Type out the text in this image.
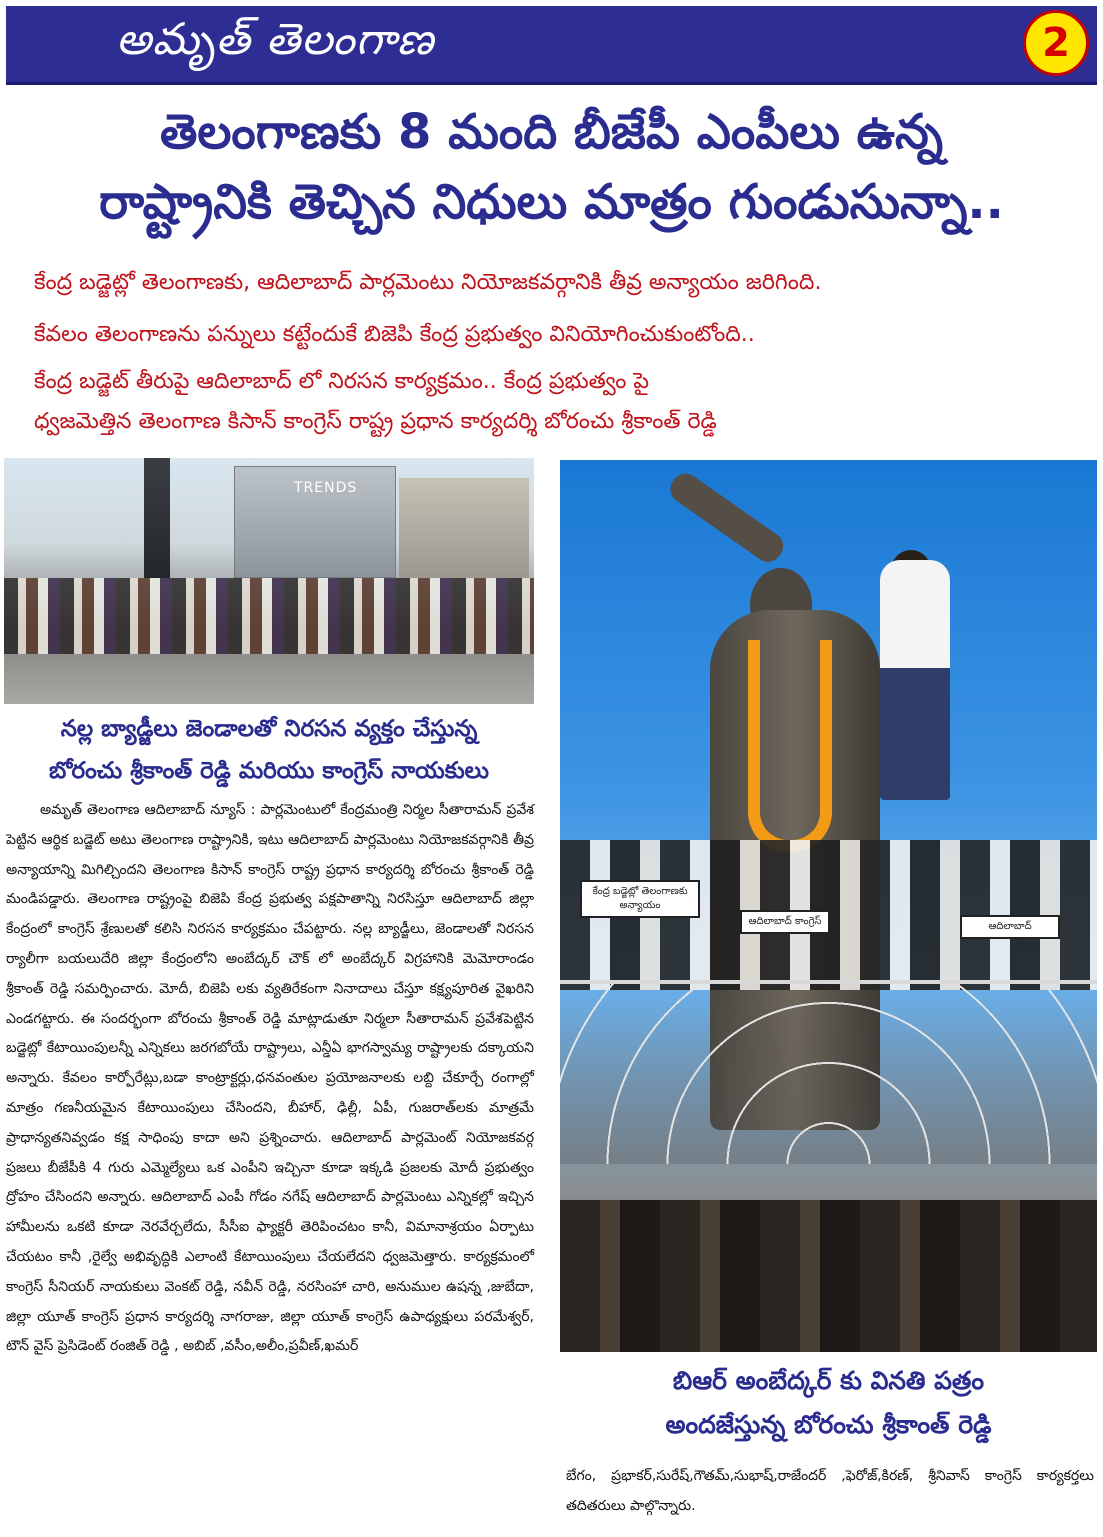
అమృత్ తెలంగాణ	2
తెలంగాణకు 8 మంది బీజేపీ ఎంపీలు ఉన్న
రాష్ట్రానికి తెచ్చిన నిధులు మాత్రం గుండుసున్నా..
కేంద్ర బడ్జెట్లో తెలంగాణకు, ఆదిలాబాద్ పార్లమెంటు నియోజకవర్గానికి తీవ్ర అన్యాయం జరిగింది.
కేవలం తెలంగాణను పన్నులు కట్టేందుకే బిజెపి కేంద్ర ప్రభుత్వం వినియోగించుకుంటోంది..
కేంద్ర బడ్జెట్ తీరుపై ఆదిలాబాద్ లో నిరసన కార్యక్రమం.. కేంద్ర ప్రభుత్వం పై
ధ్వజమెత్తిన తెలంగాణ కిసాన్ కాంగ్రెస్ రాష్ట్ర ప్రధాన కార్యదర్శి బోరంచు శ్రీకాంత్ రెడ్డి
TRENDS
నల్ల బ్యాడ్జీలు జెండాలతో నిరసన వ్యక్తం చేస్తున్న
బోరంచు శ్రీకాంత్ రెడ్డి మరియు కాంగ్రెస్ నాయకులు

అమృత్ తెలంగాణ ఆదిలాబాద్ న్యూస్ : పార్లమెంటులో కేంద్రమంత్రి నిర్మల సీతారామన్ ప్రవేశ పెట్టిన ఆర్థిక బడ్జెట్ అటు తెలంగాణ రాష్ట్రానికి, ఇటు ఆదిలాబాద్ పార్లమెంటు నియోజకవర్గానికి తీవ్ర అన్యాయాన్ని మిగిల్చిందని తెలంగాణ కిసాన్ కాంగ్రెస్ రాష్ట్ర ప్రధాన కార్యదర్శి బోరంచు శ్రీకాంత్ రెడ్డి మండిపడ్డారు. తెలంగాణ రాష్ట్రంపై బిజెపి కేంద్ర ప్రభుత్వ పక్షపాతాన్ని నిరసిస్తూ ఆదిలాబాద్ జిల్లా కేంద్రంలో కాంగ్రెస్ శ్రేణులతో కలిసి నిరసన కార్యక్రమం చేపట్టారు. నల్ల బ్యాడ్జీలు, జెండాలతో నిరసన ర్యాలీగా బయలుదేరి జిల్లా కేంద్రంలోని అంబేద్కర్ చౌక్ లో అంబేద్కర్ విగ్రహానికి మెమోరాండం శ్రీకాంత్ రెడ్డి సమర్పించారు. మోదీ, బిజెపి లకు వ్యతిరేకంగా నినాదాలు చేస్తూ కక్ష్యపూరిత వైఖరిని ఎండగట్టారు. ఈ సందర్భంగా బోరంచు శ్రీకాంత్ రెడ్డి మాట్లాడుతూ నిర్మలా సీతారామన్ ప్రవేశపెట్టిన బడ్జెట్లో కేటాయింపులన్నీ ఎన్నికలు జరగబోయే రాష్ట్రాలు, ఎన్డీఏ భాగస్వామ్య రాష్ట్రాలకు దక్కాయని అన్నారు. కేవలం కార్పోరేట్లు,బడా కాంట్రాక్టర్లు,ధనవంతుల ప్రయోజనాలకు లబ్ది చేకూర్చే రంగాల్లో మాత్రం గణనీయమైన కేటాయింపులు చేసిందని, బీహార్, ఢిల్లీ, ఏపీ, గుజరాత్‌లకు మాత్రమే ప్రాధాన్యతనివ్వడం కక్ష సాధింపు కాదా అని ప్రశ్నించారు. ఆదిలాబాద్ పార్లమెంట్ నియోజకవర్గ ప్రజలు బీజేపీకి 4 గురు ఎమ్మెల్యేలు ఒక ఎంపీని ఇచ్చినా కూడా ఇక్కడి ప్రజలకు మోదీ ప్రభుత్వం ద్రోహం చేసిందని అన్నారు. ఆదిలాబాద్ ఎంపీ గోడం నగేష్ ఆదిలాబాద్ పార్లమెంటు ఎన్నికల్లో ఇచ్చిన హామీలను ఒకటి కూడా నెరవేర్చలేదు, సీసీఐ ఫ్యాక్టరీ తెరిపించటం కానీ, విమానాశ్రయం ఏర్పాటు చేయటం కానీ ,రైల్వే అభివృద్ధికి ఎలాంటి కేటాయింపులు చేయలేదని ధ్వజమెత్తారు. కార్యక్రమంలో కాంగ్రెస్ సీనియర్ నాయకులు వెంకట్ రెడ్డి, నవీన్ రెడ్డి, నరసింహా చారి, అనుముల ఉషన్న ,జుబేదా, జిల్లా యూత్ కాంగ్రెస్ ప్రధాన కార్యదర్శి నాగరాజు, జిల్లా యూత్ కాంగ్రెస్ ఉపాధ్యక్షులు పరమేశ్వర్, టౌన్ వైస్ ప్రెసిడెంట్ రంజిత్ రెడ్డి , అబిబ్ ,వసీం,అలీం,ప్రవీణ్,ఖమర్

ఆదిలాబాద్ కాంగ్రెస్
కేంద్ర బడ్జెట్లో తెలంగాణకు అన్యాయం
ఆదిలాబాద్
బిఆర్ అంబేద్కర్ కు వినతి పత్రం
అందజేస్తున్న బోరంచు శ్రీకాంత్ రెడ్డి
బేగం, ప్రభాకర్,సురేష్,గౌతమ్,సుభాష్,రాజేందర్ ,ఫెరోజ్,కిరణ్, శ్రీనివాస్ కాంగ్రెస్ కార్యకర్తలు తదితరులు పాల్గొన్నారు.
